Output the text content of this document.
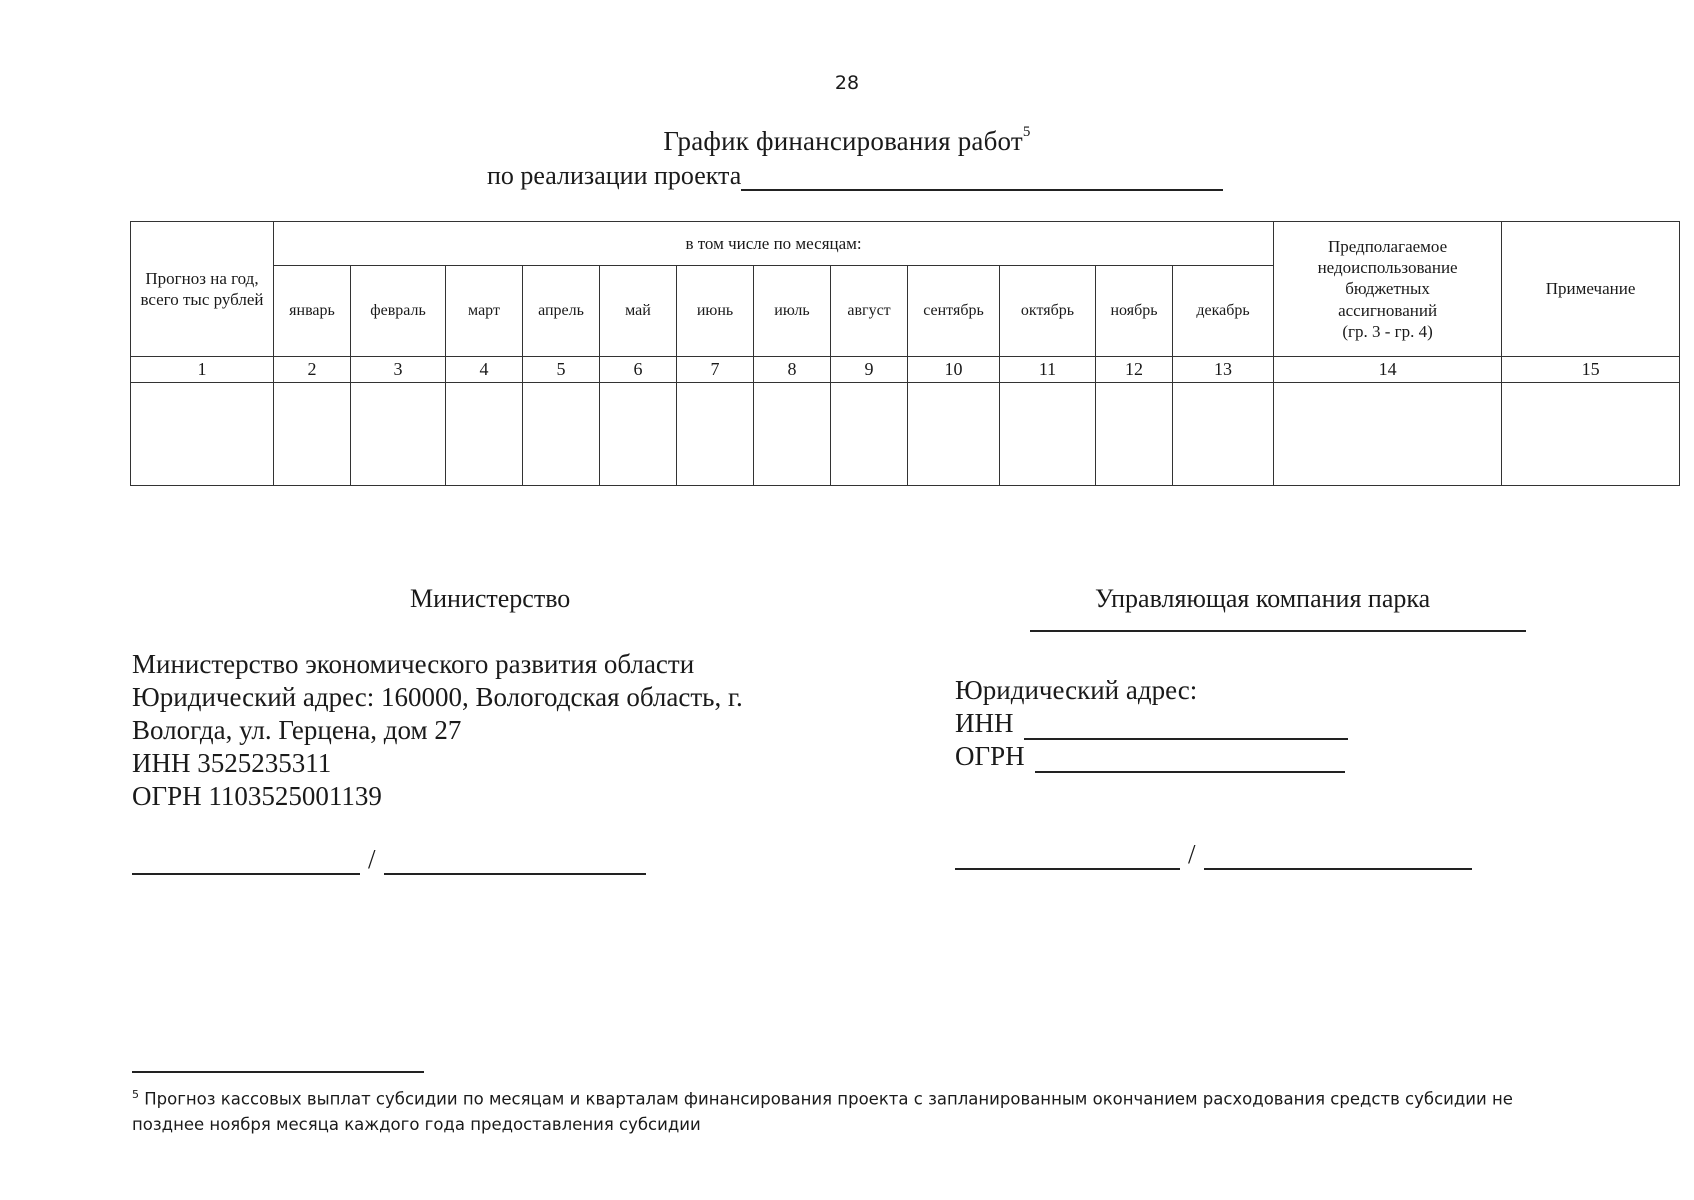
28
График финансирования работ$^5$
по реализации проекта
Прогноз на год, всего тыс рублей	в том числе по месяцам:												Предполагаемое
недоиспользование
бюджетных
ассигнований
(гр. 3 - гр. 4)	Примечание
	январь	февраль	март	апрель	май	июнь	июль	август	сентябрь	октябрь	ноябрь	декабрь		
1	2	3	4	5	6	7	8	9	10	11	12	13	14	15

Министерство
Министерство экономического развития области
Юридический адрес: 160000, Вологодская область, г.
Вологда, ул. Герцена, дом 27
ИНН 3525235311
ОГРН 1103525001139
/
Управляющая компания парка
Юридический адрес:
ИНН
ОГРН
/
$^5$ Прогноз кассовых выплат субсидии по месяцам и кварталам финансирования проекта с запланированным окончанием расходования средств субсидии не позднее ноября месяца каждого года предоставления субсидии
